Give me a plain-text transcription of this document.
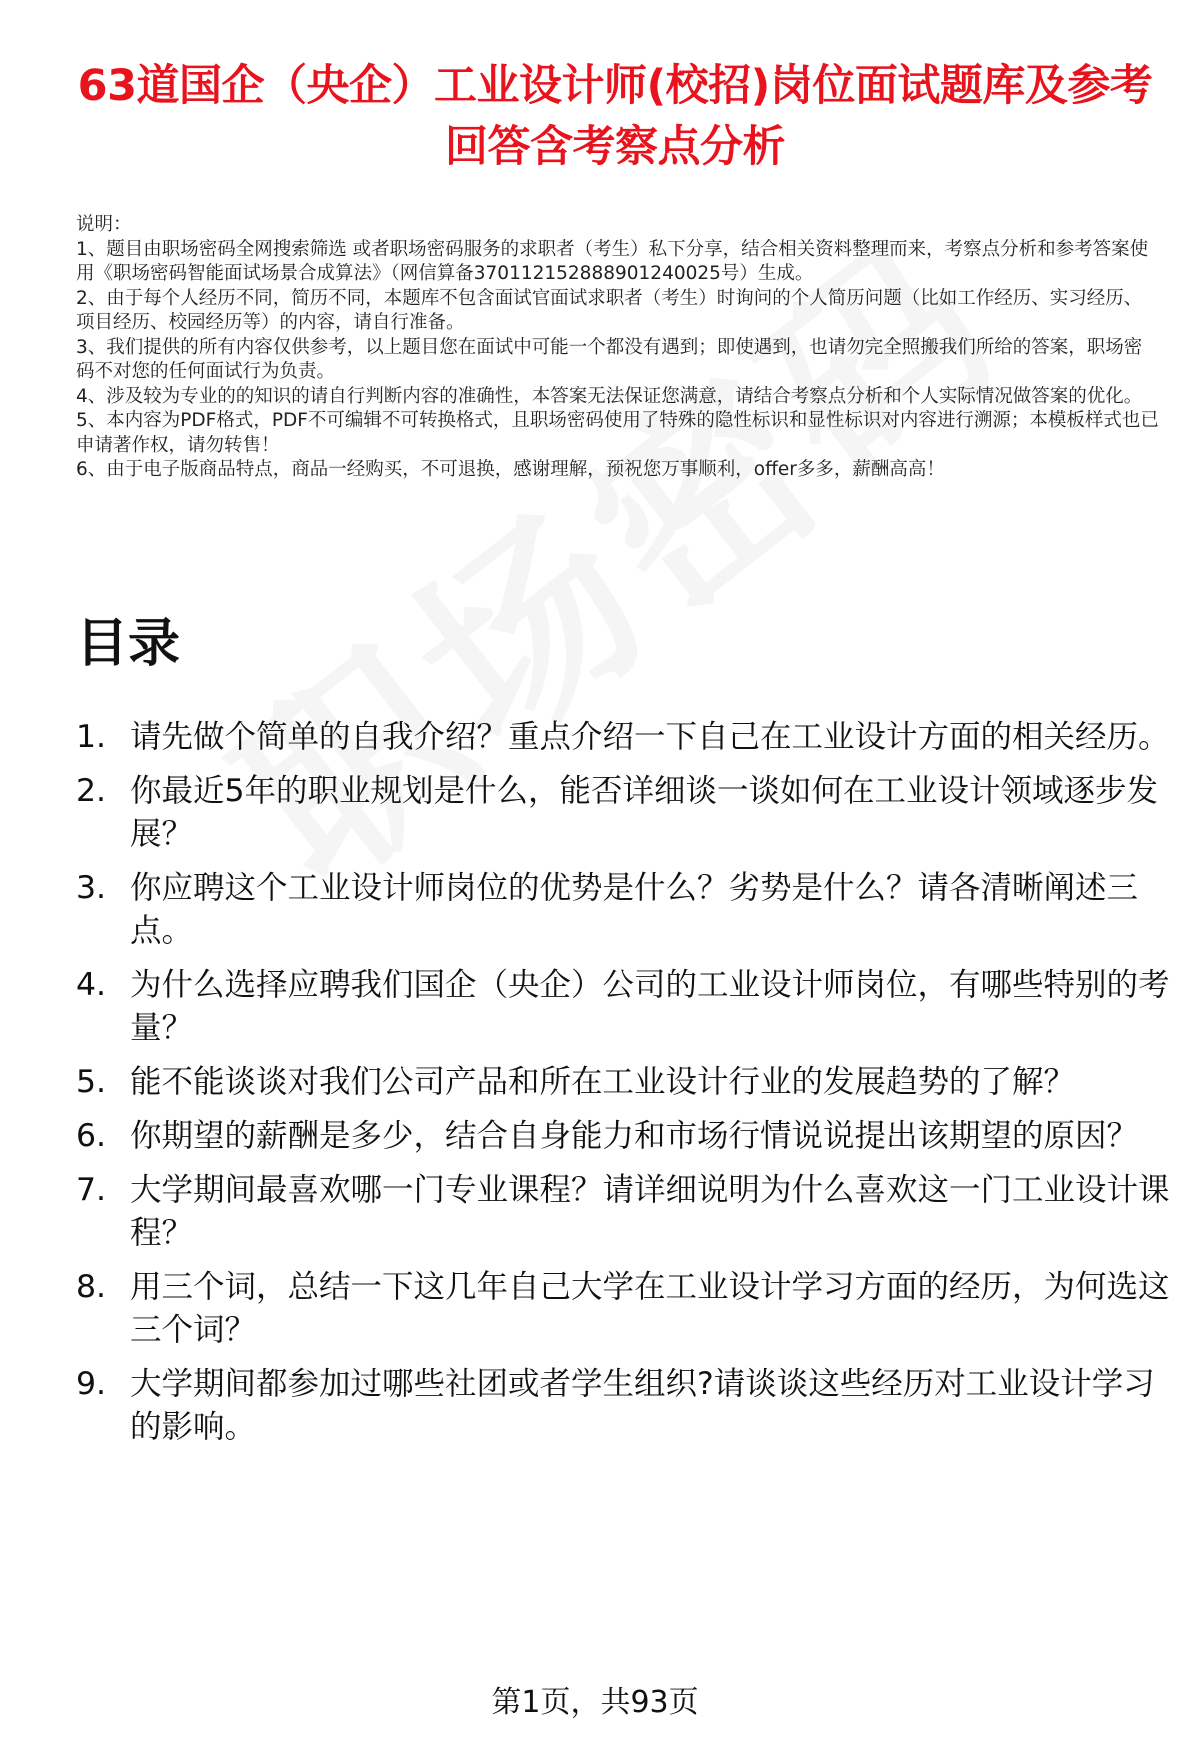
63道国企（央企）工业设计师(校招)岗位面试题库及参考回答含考察点分析

说明：

1、题目由职场密码全网搜索筛选 或者职场密码服务的求职者（考生）私下分享，结合相关资料整理而来，考察点分析和参考答案使用《职场密码智能面试场景合成算法》（网信算备370112152888901240025号）生成。

2、由于每个人经历不同，简历不同，本题库不包含面试官面试求职者（考生）时询问的个人简历问题（比如工作经历、实习经历、项目经历、校园经历等）的内容，请自行准备。

3、我们提供的所有内容仅供参考，以上题目您在面试中可能一个都没有遇到；即使遇到，也请勿完全照搬我们所给的答案，职场密码不对您的任何面试行为负责。

4、涉及较为专业的的知识的请自行判断内容的准确性，本答案无法保证您满意，请结合考察点分析和个人实际情况做答案的优化。

5、本内容为PDF格式，PDF不可编辑不可转换格式，且职场密码使用了特殊的隐性标识和显性标识对内容进行溯源；本模板样式也已申请著作权，请勿转售！

6、由于电子版商品特点，商品一经购买，不可退换，感谢理解，预祝您万事顺利，offer多多，薪酬高高！

目录
1. 请先做个简单的自我介绍？重点介绍一下自己在工业设计方面的相关经历。
2. 你最近5年的职业规划是什么，能否详细谈一谈如何在工业设计领域逐步发展？
3. 你应聘这个工业设计师岗位的优势是什么？劣势是什么？请各清晰阐述三点。
4. 为什么选择应聘我们国企（央企）公司的工业设计师岗位，有哪些特别的考量？
5. 能不能谈谈对我们公司产品和所在工业设计行业的发展趋势的了解？
6. 你期望的薪酬是多少，结合自身能力和市场行情说说提出该期望的原因？
7. 大学期间最喜欢哪一门专业课程？请详细说明为什么喜欢这一门工业设计课程？
8. 用三个词，总结一下这几年自己大学在工业设计学习方面的经历，为何选这三个词？
9. 大学期间都参加过哪些社团或者学生组织?请谈谈这些经历对工业设计学习的影响。
第1页，共93页
